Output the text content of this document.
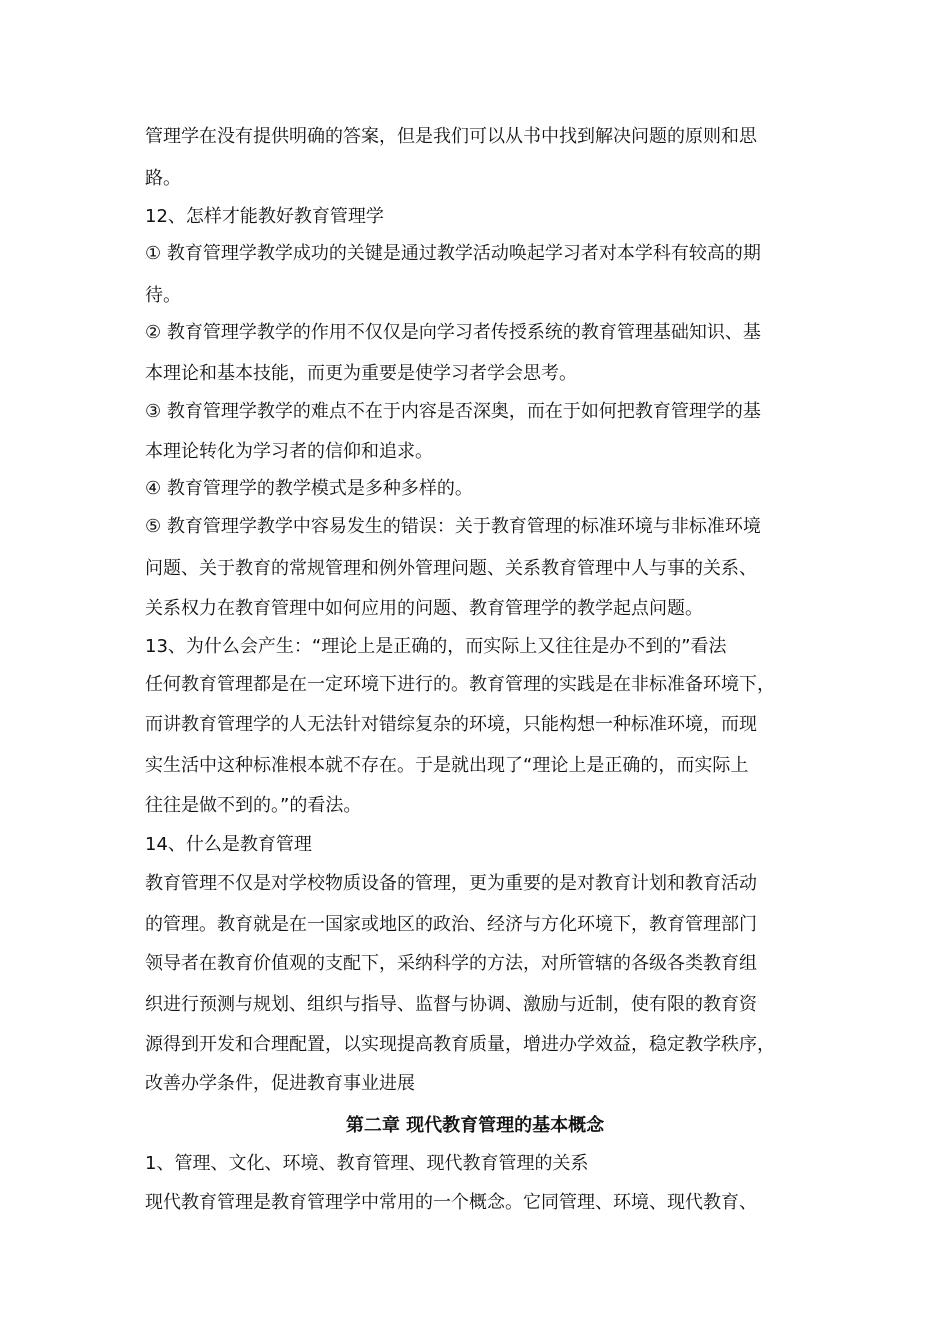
管理学在没有提供明确的答案，但是我们可以从书中找到解决问题的原则和思
路。
12、怎样才能教好教育管理学
① 教育管理学教学成功的关键是通过教学活动唤起学习者对本学科有较高的期
待。
② 教育管理学教学的作用不仅仅是向学习者传授系统的教育管理基础知识、基
本理论和基本技能，而更为重要是使学习者学会思考。
③ 教育管理学教学的难点不在于内容是否深奥，而在于如何把教育管理学的基
本理论转化为学习者的信仰和追求。
④ 教育管理学的教学模式是多种多样的。
⑤ 教育管理学教学中容易发生的错误：关于教育管理的标准环境与非标准环境
问题、关于教育的常规管理和例外管理问题、关系教育管理中人与事的关系、
关系权力在教育管理中如何应用的问题、教育管理学的教学起点问题。
13、为什么会产生：“理论上是正确的，而实际上又往往是办不到的”看法
任何教育管理都是在一定环境下进行的。教育管理的实践是在非标准备环境下，
而讲教育管理学的人无法针对错综复杂的环境，只能构想一种标准环境，而现
实生活中这种标准根本就不存在。于是就出现了“理论上是正确的，而实际上
往往是做不到的。”的看法。
14、什么是教育管理
教育管理不仅是对学校物质设备的管理，更为重要的是对教育计划和教育活动
的管理。教育就是在一国家或地区的政治、经济与方化环境下，教育管理部门
领导者在教育价值观的支配下，采纳科学的方法，对所管辖的各级各类教育组
织进行预测与规划、组织与指导、监督与协调、激励与近制，使有限的教育资
源得到开发和合理配置，以实现提高教育质量，增进办学效益，稳定教学秩序，
改善办学条件，促进教育事业进展
第二章 现代教育管理的基本概念
1、管理、文化、环境、教育管理、现代教育管理的关系
现代教育管理是教育管理学中常用的一个概念。它同管理、环境、现代教育、
